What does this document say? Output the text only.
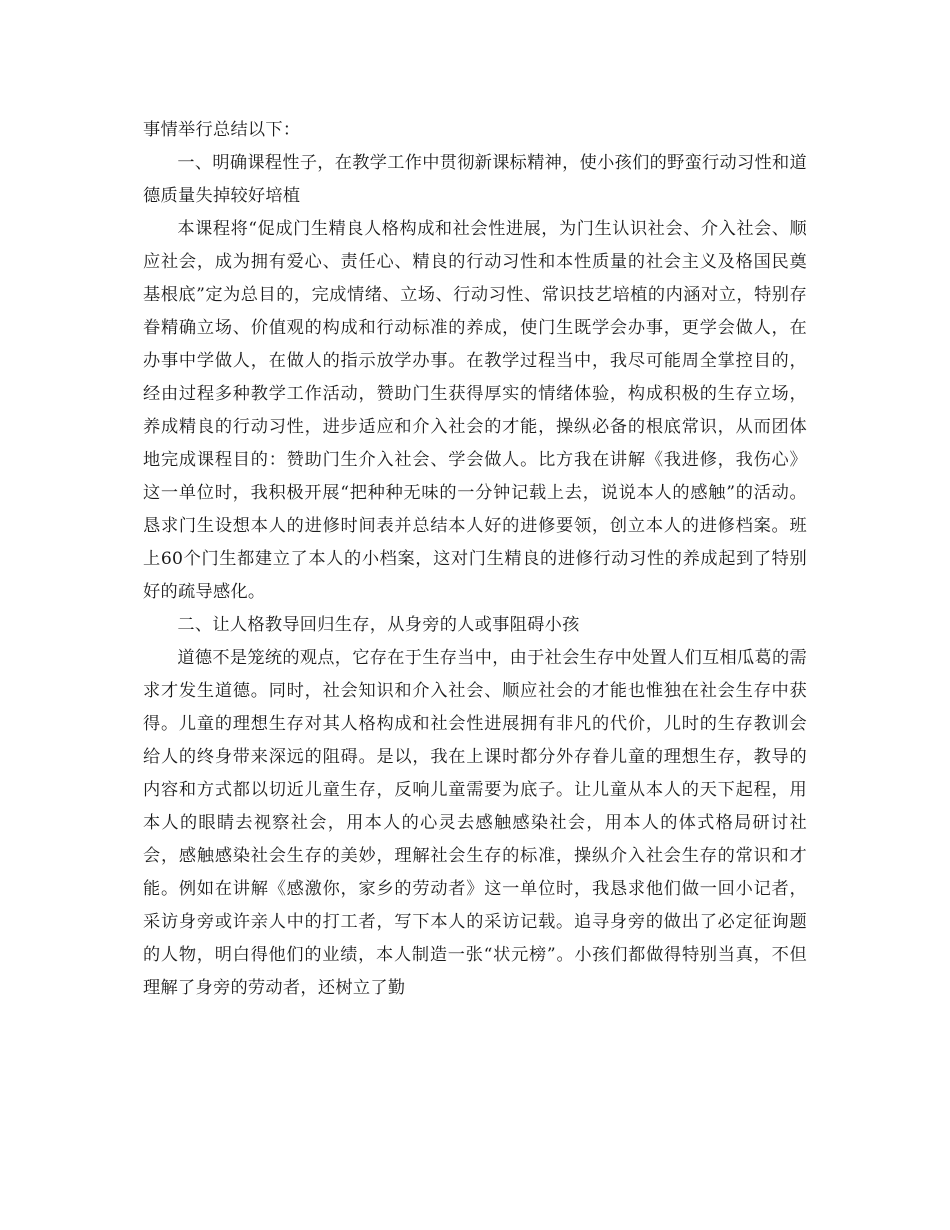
事情举行总结以下：

一、明确课程性子，在教学工作中贯彻新课标精神，使小孩们的野蛮行动习性和道德质量失掉较好培植

本课程将“促成门生精良人格构成和社会性进展，为门生认识社会、介入社会、顺应社会，成为拥有爱心、责任心、精良的行动习性和本性质量的社会主义及格国民奠基根底”定为总目的，完成情绪、立场、行动习性、常识技艺培植的内涵对立，特别存眷精确立场、价值观的构成和行动标准的养成，使门生既学会办事，更学会做人，在办事中学做人，在做人的指示放学办事。在教学过程当中，我尽可能周全掌控目的，经由过程多种教学工作活动，赞助门生获得厚实的情绪体验，构成积极的生存立场，养成精良的行动习性，进步适应和介入社会的才能，操纵必备的根底常识，从而团体地完成课程目的：赞助门生介入社会、学会做人。比方我在讲解《我进修，我伤心》这一单位时，我积极开展“把种种无味的一分钟记载上去，说说本人的感触”的活动。恳求门生设想本人的进修时间表并总结本人好的进修要领，创立本人的进修档案。班上60个门生都建立了本人的小档案，这对门生精良的进修行动习性的养成起到了特别好的疏导感化。

二、让人格教导回归生存，从身旁的人或事阻碍小孩

道德不是笼统的观点，它存在于生存当中，由于社会生存中处置人们互相瓜葛的需求才发生道德。同时，社会知识和介入社会、顺应社会的才能也惟独在社会生存中获得。儿童的理想生存对其人格构成和社会性进展拥有非凡的代价，儿时的生存教训会给人的终身带来深远的阻碍。是以，我在上课时都分外存眷儿童的理想生存，教导的内容和方式都以切近儿童生存，反响儿童需要为底子。让儿童从本人的天下起程，用本人的眼睛去视察社会，用本人的心灵去感触感染社会，用本人的体式格局研讨社会，感触感染社会生存的美妙，理解社会生存的标准，操纵介入社会生存的常识和才能。例如在讲解《感激你，家乡的劳动者》这一单位时，我恳求他们做一回小记者，采访身旁或许亲人中的打工者，写下本人的采访记载。追寻身旁的做出了必定征询题的人物，明白得他们的业绩，本人制造一张“状元榜”。小孩们都做得特别当真，不但理解了身旁的劳动者，还树立了勤
